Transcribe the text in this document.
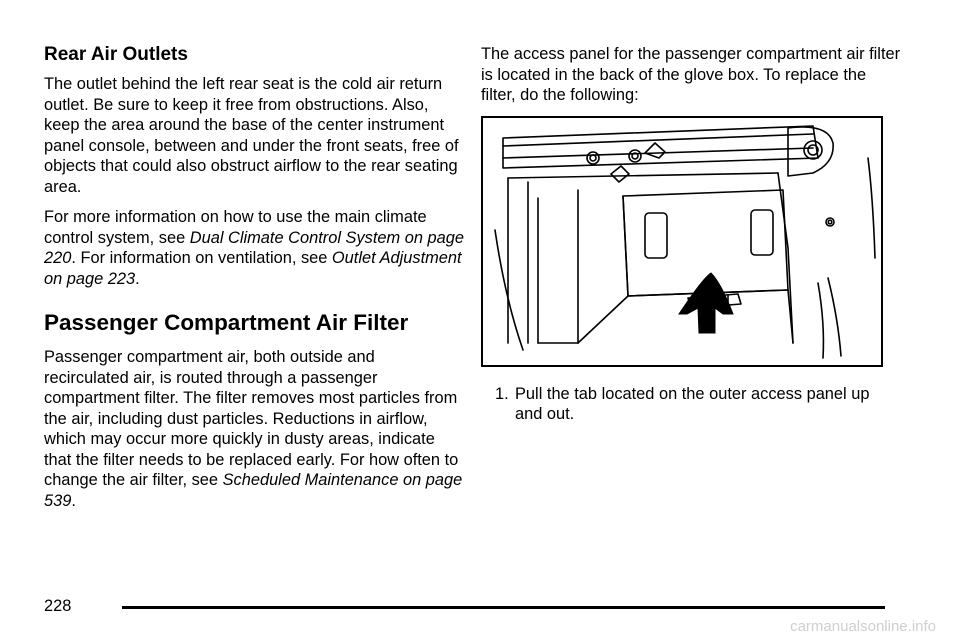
Rear Air Outlets

The outlet behind the left rear seat is the cold air return outlet. Be sure to keep it free from obstructions. Also, keep the area around the base of the center instrument panel console, between and under the front seats, free of objects that could also obstruct airflow to the rear seating area.

For more information on how to use the main climate control system, see Dual Climate Control System on page 220. For information on ventilation, see Outlet Adjustment on page 223.

Passenger Compartment Air Filter

Passenger compartment air, both outside and recirculated air, is routed through a passenger compartment filter. The filter removes most particles from the air, including dust particles. Reductions in airflow, which may occur more quickly in dusty areas, indicate that the filter needs to be replaced early. For how often to change the air filter, see Scheduled Maintenance on page 539.

The access panel for the passenger compartment air filter is located in the back of the glove box. To replace the filter, do the following:

1. Pull the tab located on the outer access panel up and out.
228
carmanualsonline.info
